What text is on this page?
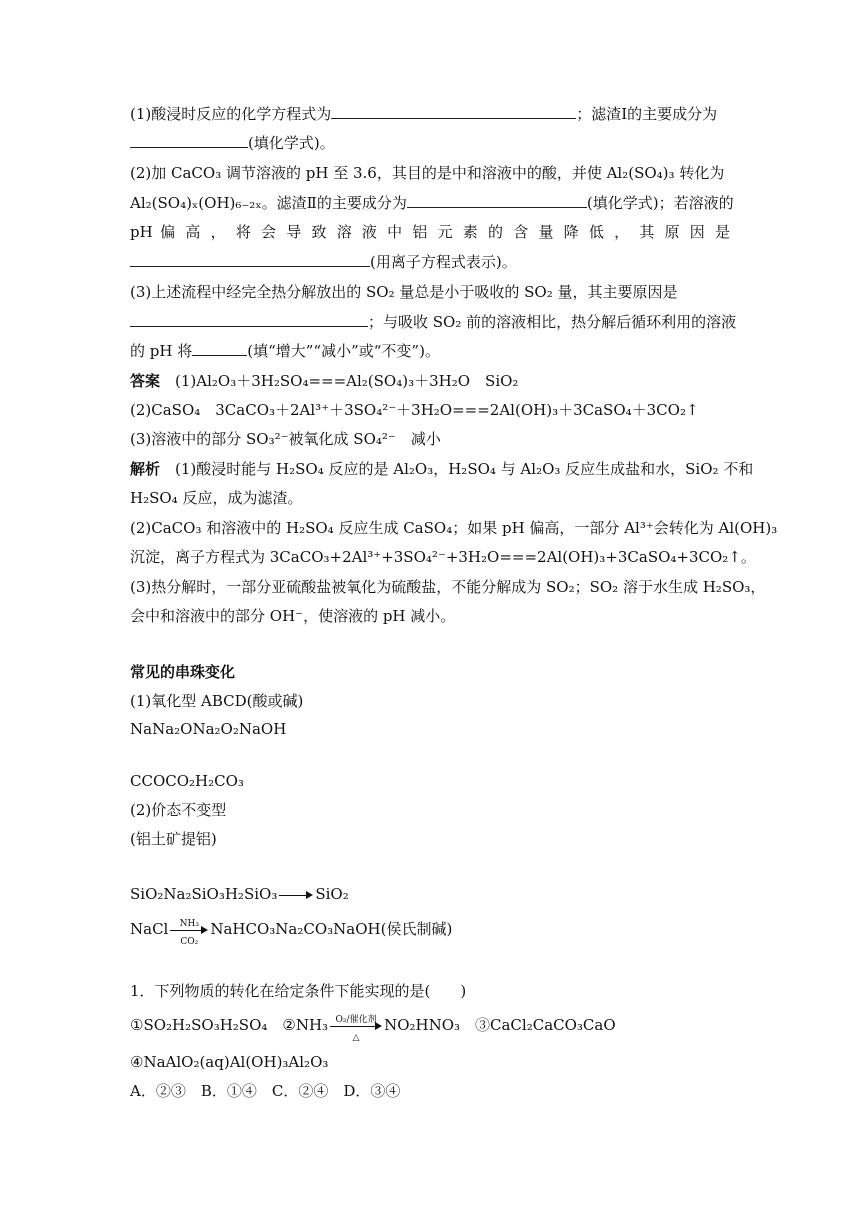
(1)酸浸时反应的化学方程式为	；滤渣Ⅰ的主要成分为
(填化学式)。
(2)加 CaCO₃ 调节溶液的 pH 至 3.6，其目的是中和溶液中的酸，并使 Al₂(SO₄)₃ 转化为
Al₂(SO₄)ₓ(OH)₆₋₂ₓ。滤渣Ⅱ的主要成分为	(填化学式)；若溶液的
pH 偏 高 ， 将 会 导 致 溶 液 中 铝 元 素 的 含 量 降 低 ， 其 原 因 是
(用离子方程式表示)。
(3)上述流程中经完全热分解放出的 SO₂ 量总是小于吸收的 SO₂ 量，其主要原因是
；与吸收 SO₂ 前的溶液相比，热分解后循环利用的溶液
的 pH 将	(填“增大”“减小”或“不变”)。
答案　 (1)Al₂O₃＋3H₂SO₄===Al₂(SO₄)₃＋3H₂O　SiO₂
(2)CaSO₄　3CaCO₃＋2Al³⁺＋3SO₄²⁻＋3H₂O===2Al(OH)₃＋3CaSO₄＋3CO₂↑
(3)溶液中的部分 SO₃²⁻被氧化成 SO₄²⁻　减小
解析　 (1)酸浸时能与 H₂SO₄ 反应的是 Al₂O₃，H₂SO₄ 与 Al₂O₃ 反应生成盐和水，SiO₂ 不和
H₂SO₄ 反应，成为滤渣。
(2)CaCO₃ 和溶液中的 H₂SO₄ 反应生成 CaSO₄；如果 pH 偏高，一部分 Al³⁺会转化为 Al(OH)₃
沉淀，离子方程式为 3CaCO₃+2Al³⁺+3SO₄²⁻+3H₂O===2Al(OH)₃+3CaSO₄+3CO₂↑。
(3)热分解时，一部分亚硫酸盐被氧化为硫酸盐，不能分解成为 SO₂；SO₂ 溶于水生成 H₂SO₃，
会中和溶液中的部分 OH⁻，使溶液的 pH 减小。
常见的串珠变化
(1)氧化型 ABCD(酸或碱)
NaNa₂ONa₂O₂NaOH
CCOCO₂H₂CO₃
(2)价态不变型
(铝土矿提铝)
SiO₂Na₂SiO₃H₂SiO₃	SiO₂
NaCl $\frac{\text{NH₃}}{\text{CO₂}}$ NaHCO₃Na₂CO₃NaOH(侯氏制碱)
1．下列物质的转化在给定条件下能实现的是(　　)
①SO₂H₂SO₃H₂SO₄　②NH₃ O₂/催化剂
△
NO₂HNO₃　③CaCl₂CaCO₃CaO
④NaAlO₂(aq)Al(OH)₃Al₂O₃
A．②③　B．①④　C．②④　D．③④
